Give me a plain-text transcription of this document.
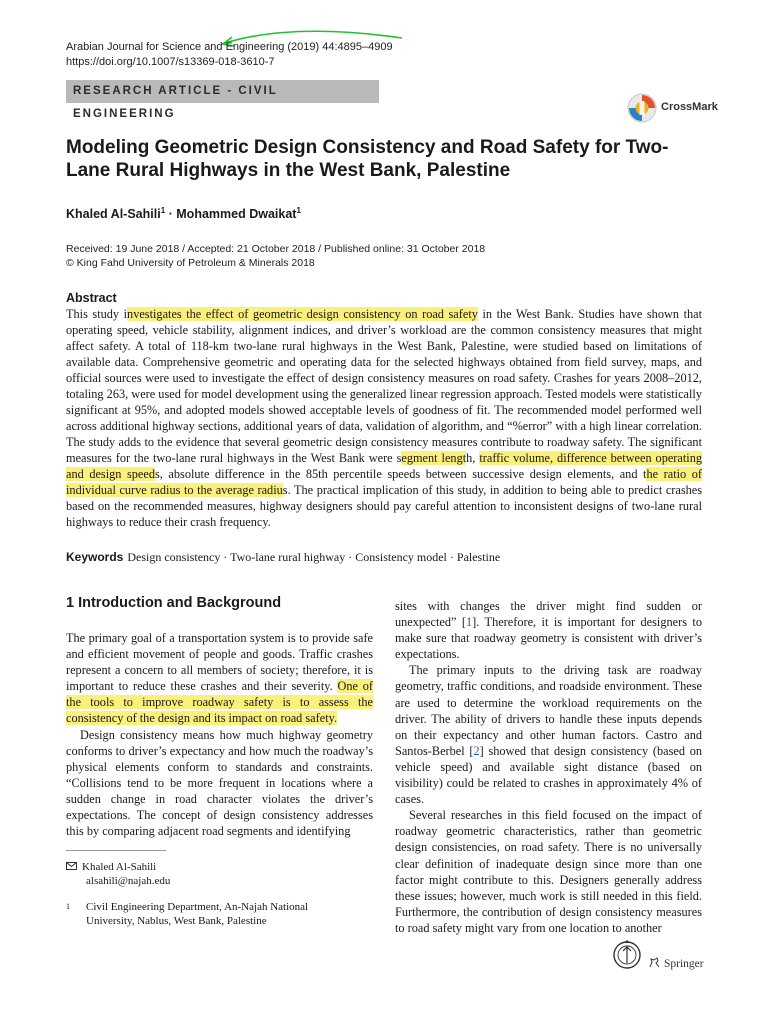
Arabian Journal for Science and Engineering (2019) 44:4895–4909
https://doi.org/10.1007/s13369-018-3610-7
RESEARCH ARTICLE - CIVIL ENGINEERING
CrossMark
Modeling Geometric Design Consistency and Road Safety for Two-Lane Rural Highways in the West Bank, Palestine
Khaled Al-Sahili$^1$ · Mohammed Dwaikat$^1$
Received: 19 June 2018 / Accepted: 21 October 2018 / Published online: 31 October 2018
© King Fahd University of Petroleum & Minerals 2018
Abstract
This study investigates the effect of geometric design consistency on road safety in the West Bank. Studies have shown that operating speed, vehicle stability, alignment indices, and driver’s workload are the common consistency measures that might affect safety. A total of 118-km two-lane rural highways in the West Bank, Palestine, were studied based on limitations of available data. Comprehensive geometric and operating data for the selected highways obtained from field survey, maps, and official sources were used to investigate the effect of design consistency measures on road safety. Crashes for years 2008–2012, totaling 263, were used for model development using the generalized linear regression approach. Tested models were statistically significant at 95%, and adopted models showed acceptable levels of goodness of fit. The recommended model performed well across additional highway sections, additional years of data, validation of algorithm, and “%error” with a high linear correlation. The study adds to the evidence that several geometric design consistency measures contribute to roadway safety. The significant measures for the two-lane rural highways in the West Bank were segment length, traffic volume, difference between operating and design speeds, absolute difference in the 85th percentile speeds between successive design elements, and the ratio of individual curve radius to the average radius. The practical implication of this study, in addition to being able to predict crashes based on the recommended measures, highway designers should pay careful attention to inconsistent designs of two-lane rural highways to reduce their crash frequency.
Keywords Design consistency · Two-lane rural highway · Consistency model · Palestine
1 Introduction and Background

The primary goal of a transportation system is to provide safe and efficient movement of people and goods. Traffic crashes represent a concern to all members of society; therefore, it is important to reduce these crashes and their severity. One of the tools to improve roadway safety is to assess the consistency of the design and its impact on road safety.

Design consistency means how much highway geometry conforms to driver’s expectancy and how much the roadway’s physical elements conform to standards and constraints. “Collisions tend to be more frequent in locations where a sudden change in road character violates the driver’s expectations. The concept of design consistency addresses this by comparing adjacent road segments and identifying

sites with changes the driver might find sudden or unexpected” [1]. Therefore, it is important for designers to make sure that roadway geometry is consistent with driver’s expectations.

The primary inputs to the driving task are roadway geometry, traffic conditions, and roadside environment. These are used to determine the workload requirements on the driver. The ability of drivers to handle these inputs depends on their expectancy and other human factors. Castro and Santos-Berbel [2] showed that design consistency (based on vehicle speed) and available sight distance (based on visibility) could be related to crashes in approximately 4% of cases.

Several researches in this field focused on the impact of roadway geometric characteristics, rather than geometric design consistencies, on road safety. There is no universally clear definition of inadequate design since more than one factor might contribute to this. Designers generally address these issues; however, much work is still needed in this field. Furthermore, the contribution of design consistency measures to road safety might vary from one location to another

Khaled Al-Sahili
alsahili@najah.edu
$^1$ Civil Engineering Department, An-Najah National
University, Nablus, West Bank, Palestine
Springer
